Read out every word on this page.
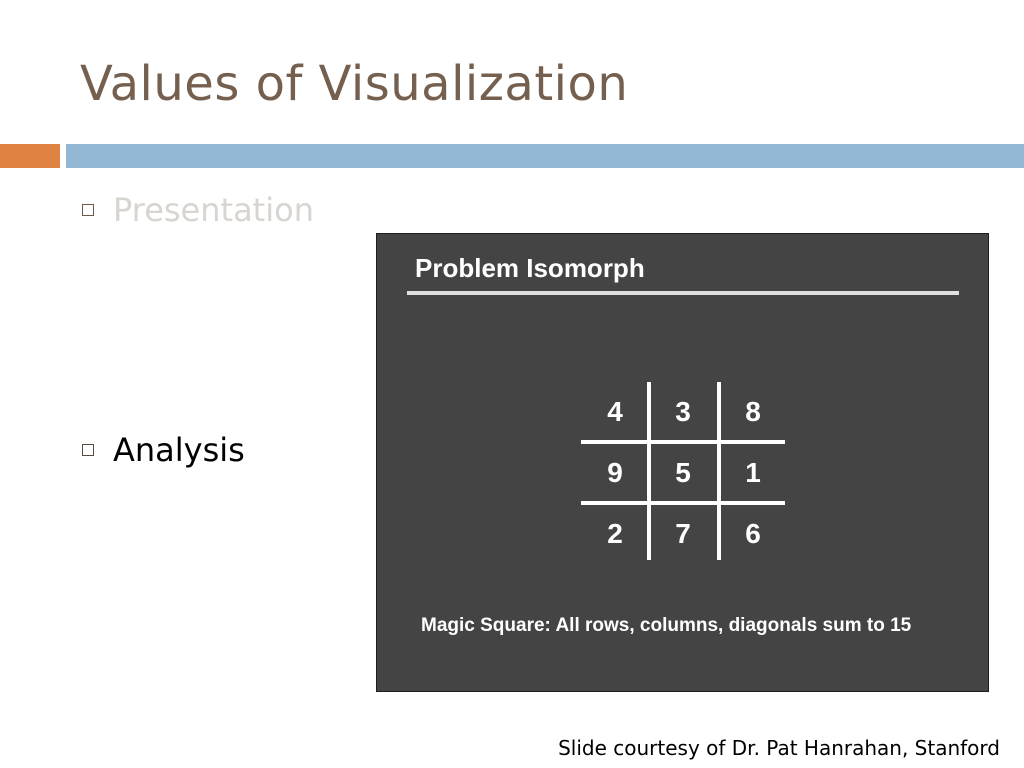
Values of Visualization
Presentation
Analysis
Problem Isomorph
4	3	8
9	5	1
2	7	6
Magic Square: All rows, columns, diagonals sum to 15
Slide courtesy of Dr. Pat Hanrahan, Stanford
